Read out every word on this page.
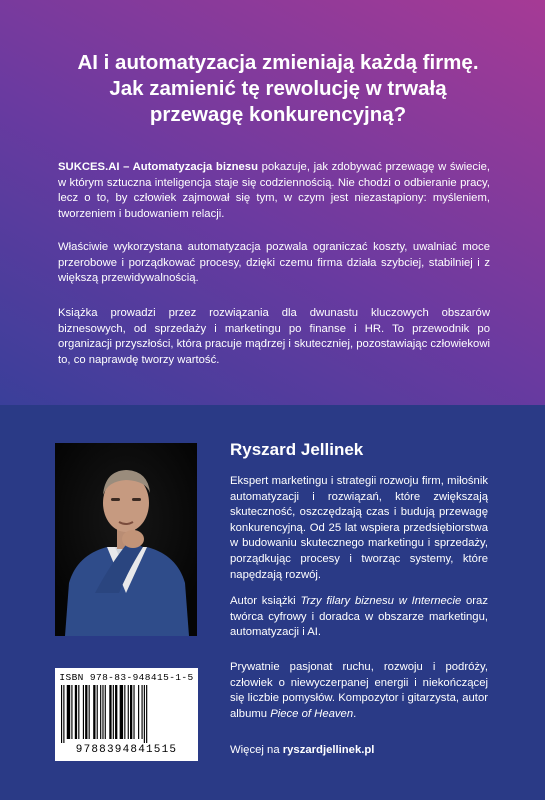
AI i automatyzacja zmieniają każdą firmę.
Jak zamienić tę rewolucję w trwałą
przewagę konkurencyjną?

SUKCES.AI – Automatyzacja biznesu pokazuje, jak zdobywać przewagę w świecie, w którym sztuczna inteligencja staje się codziennością. Nie chodzi o odbieranie pracy, lecz o to, by człowiek zajmował się tym, w czym jest niezastąpiony: myśleniem, tworzeniem i budowaniem relacji.

Właściwie wykorzystana automatyzacja pozwala ograniczać koszty, uwalniać moce przerobowe i porządkować procesy, dzięki czemu firma działa szybciej, stabilniej i z większą przewidywalnością.

Książka prowadzi przez rozwiązania dla dwunastu kluczowych obszarów biznesowych, od sprzedaży i marketingu po finanse i HR. To przewodnik po organizacji przyszłości, która pracuje mądrzej i skuteczniej, pozostawiając człowiekowi to, co naprawdę tworzy wartość.

Ryszard Jellinek

Ekspert marketingu i strategii rozwoju firm, miłośnik automatyzacji i rozwiązań, które zwiększają skuteczność, oszczędzają czas i budują przewagę konkurencyjną. Od 25 lat wspiera przedsiębiorstwa w budowaniu skutecznego marketingu i sprzedaży, porządkując procesy i tworząc systemy, które napędzają rozwój.

Autor książki Trzy filary biznesu w Internecie oraz twórca cyfrowy i doradca w obszarze marketingu, automatyzacji i AI.

Prywatnie pasjonat ruchu, rozwoju i podróży, człowiek o niewyczerpanej energii i niekończącej się liczbie pomysłów. Kompozytor i gitarzysta, autor albumu Piece of Heaven.

Więcej na ryszardjellinek.pl

ISBN 978-83-948415-1-5
9788394841515
